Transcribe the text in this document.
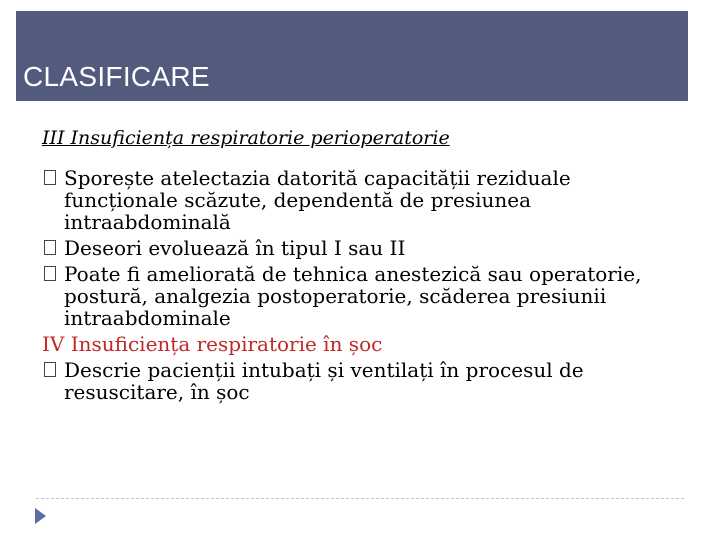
CLASIFICARE
III Insuficiența respiratorie perioperatorie
Sporește atelectazia datorită capacității reziduale funcționale scăzute, dependentă de presiunea intraabdominală
Deseori evoluează în tipul I sau II
Poate fi ameliorată de tehnica anestezică sau operatorie, postură, analgezia postoperatorie, scăderea presiunii intraabdominale
IV Insuficiența respiratorie în șoc
Descrie pacienții intubați și ventilați în procesul de resuscitare, în șoc
